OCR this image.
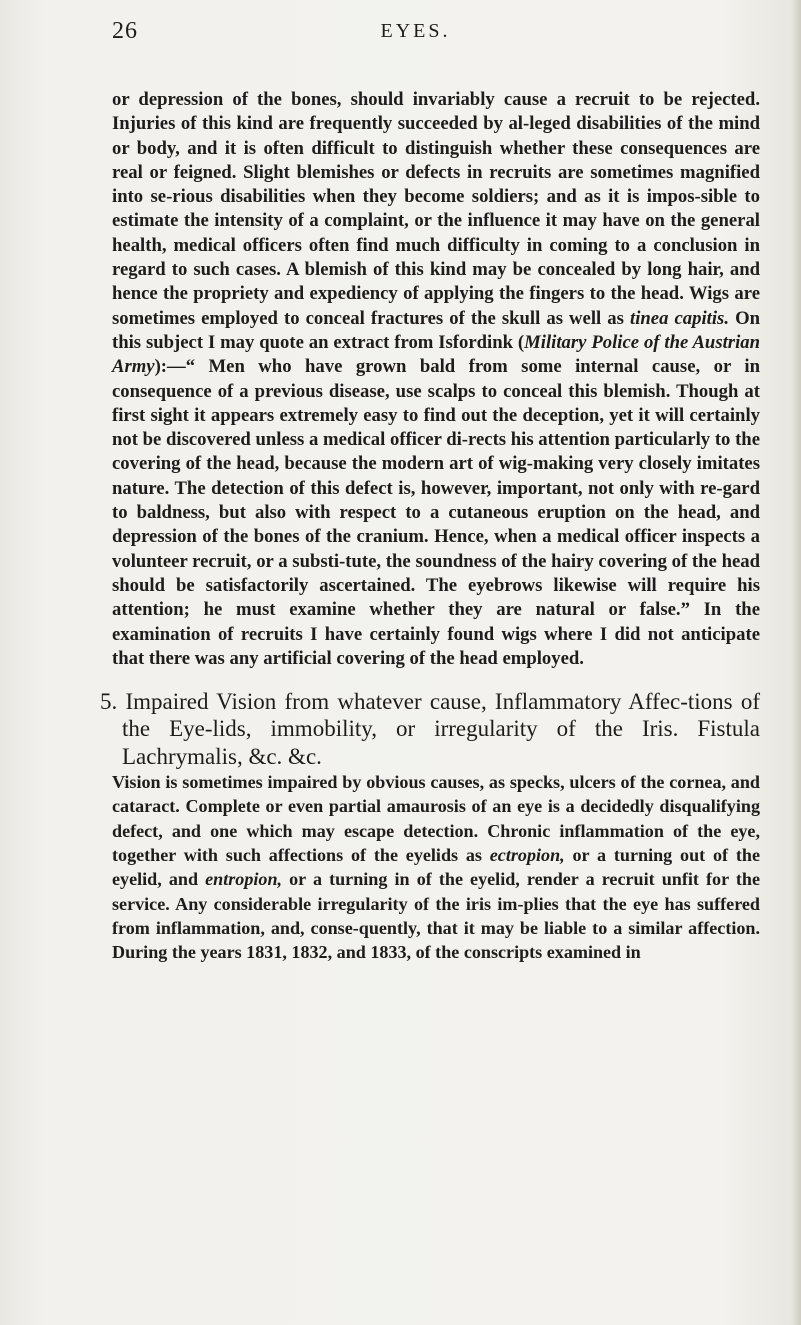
26	EYES.

or depression of the bones, should invariably cause a recruit to be rejected. Injuries of this kind are frequently succeeded by al-leged disabilities of the mind or body, and it is often difficult to distinguish whether these consequences are real or feigned. Slight blemishes or defects in recruits are sometimes magnified into se-rious disabilities when they become soldiers; and as it is impos-sible to estimate the intensity of a complaint, or the influence it may have on the general health, medical officers often find much difficulty in coming to a conclusion in regard to such cases. A blemish of this kind may be concealed by long hair, and hence the propriety and expediency of applying the fingers to the head. Wigs are sometimes employed to conceal fractures of the skull as well as tinea capitis. On this subject I may quote an extract from Isfordink (Military Police of the Austrian Army):—“ Men who have grown bald from some internal cause, or in consequence of a previous disease, use scalps to conceal this blemish. Though at first sight it appears extremely easy to find out the deception, yet it will certainly not be discovered unless a medical officer di-rects his attention particularly to the covering of the head, because the modern art of wig-making very closely imitates nature. The detection of this defect is, however, important, not only with re-gard to baldness, but also with respect to a cutaneous eruption on the head, and depression of the bones of the cranium. Hence, when a medical officer inspects a volunteer recruit, or a substi-tute, the soundness of the hairy covering of the head should be satisfactorily ascertained. The eyebrows likewise will require his attention; he must examine whether they are natural or false.” In the examination of recruits I have certainly found wigs where I did not anticipate that there was any artificial covering of the head employed.

5. Impaired Vision from whatever cause, Inflammatory Affec-tions of the Eye-lids, immobility, or irregularity of the Iris. Fistula Lachrymalis, &c. &c.

Vision is sometimes impaired by obvious causes, as specks, ulcers of the cornea, and cataract. Complete or even partial amaurosis of an eye is a decidedly disqualifying defect, and one which may escape detection. Chronic inflammation of the eye, together with such affections of the eyelids as ectropion, or a turning out of the eyelid, and entropion, or a turning in of the eyelid, render a recruit unfit for the service. Any considerable irregularity of the iris im-plies that the eye has suffered from inflammation, and, conse-quently, that it may be liable to a similar affection. During the years 1831, 1832, and 1833, of the conscripts examined in
